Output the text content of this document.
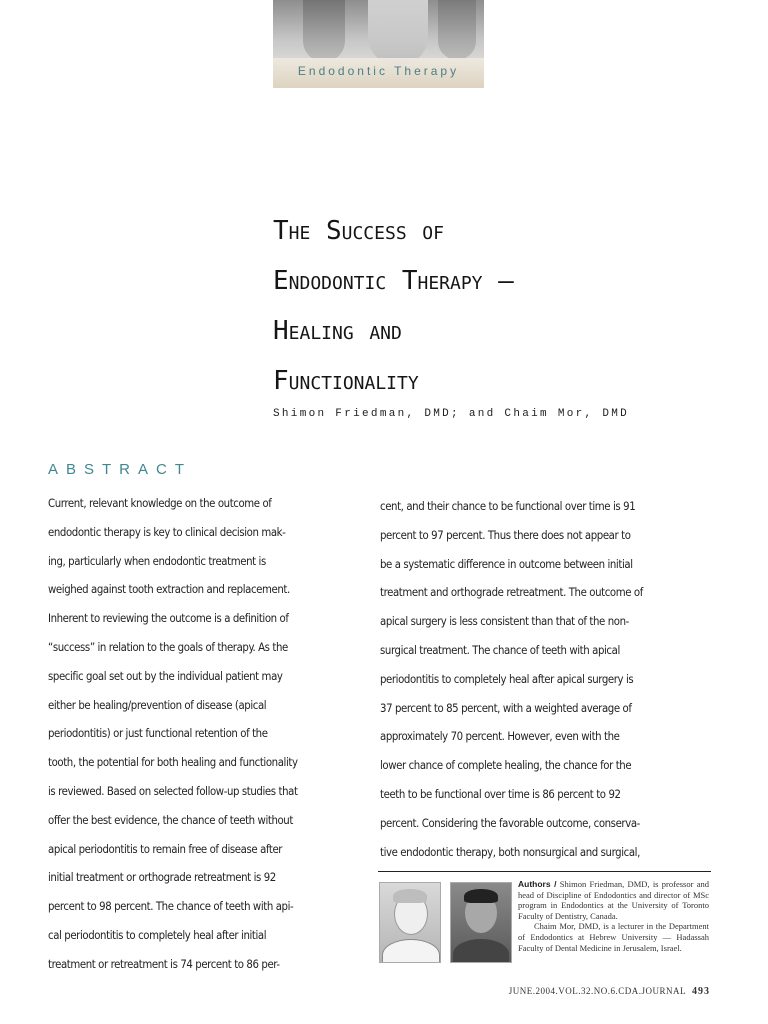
Endodontic Therapy
The Success of
Endodontic Therapy —
Healing and
Functionality
Shimon Friedman, DMD; and Chaim Mor, DMD
ABSTRACT
Current, relevant knowledge on the outcome of
endodontic therapy is key to clinical decision mak-
ing, particularly when endodontic treatment is
weighed against tooth extraction and replacement.
Inherent to reviewing the outcome is a definition of
“success” in relation to the goals of therapy. As the
specific goal set out by the individual patient may
either be healing/prevention of disease (apical
periodontitis) or just functional retention of the
tooth, the potential for both healing and functionality
is reviewed. Based on selected follow-up studies that
offer the best evidence, the chance of teeth without
apical periodontitis to remain free of disease after
initial treatment or orthograde retreatment is 92
percent to 98 percent. The chance of teeth with api-
cal periodontitis to completely heal after initial
treatment or retreatment is 74 percent to 86 per-
cent, and their chance to be functional over time is 91
percent to 97 percent. Thus there does not appear to
be a systematic difference in outcome between initial
treatment and orthograde retreatment. The outcome of
apical surgery is less consistent than that of the non-
surgical treatment. The chance of teeth with apical
periodontitis to completely heal after apical surgery is
37 percent to 85 percent, with a weighted average of
approximately 70 percent. However, even with the
lower chance of complete healing, the chance for the
teeth to be functional over time is 86 percent to 92
percent. Considering the favorable outcome, conserva-
tive endodontic therapy, both nonsurgical and surgical,

Authors / Shimon Friedman, DMD, is professor and head of Discipline of Endodontics and director of MSc program in Endodontics at the University of Toronto Faculty of Dentistry, Canada.

Chaim Mor, DMD, is a lecturer in the Department of Endodontics at Hebrew University — Hadassah Faculty of Dental Medicine in Jerusalem, Israel.

JUNE.2004.VOL.32.NO.6.CDA.JOURNAL 493
